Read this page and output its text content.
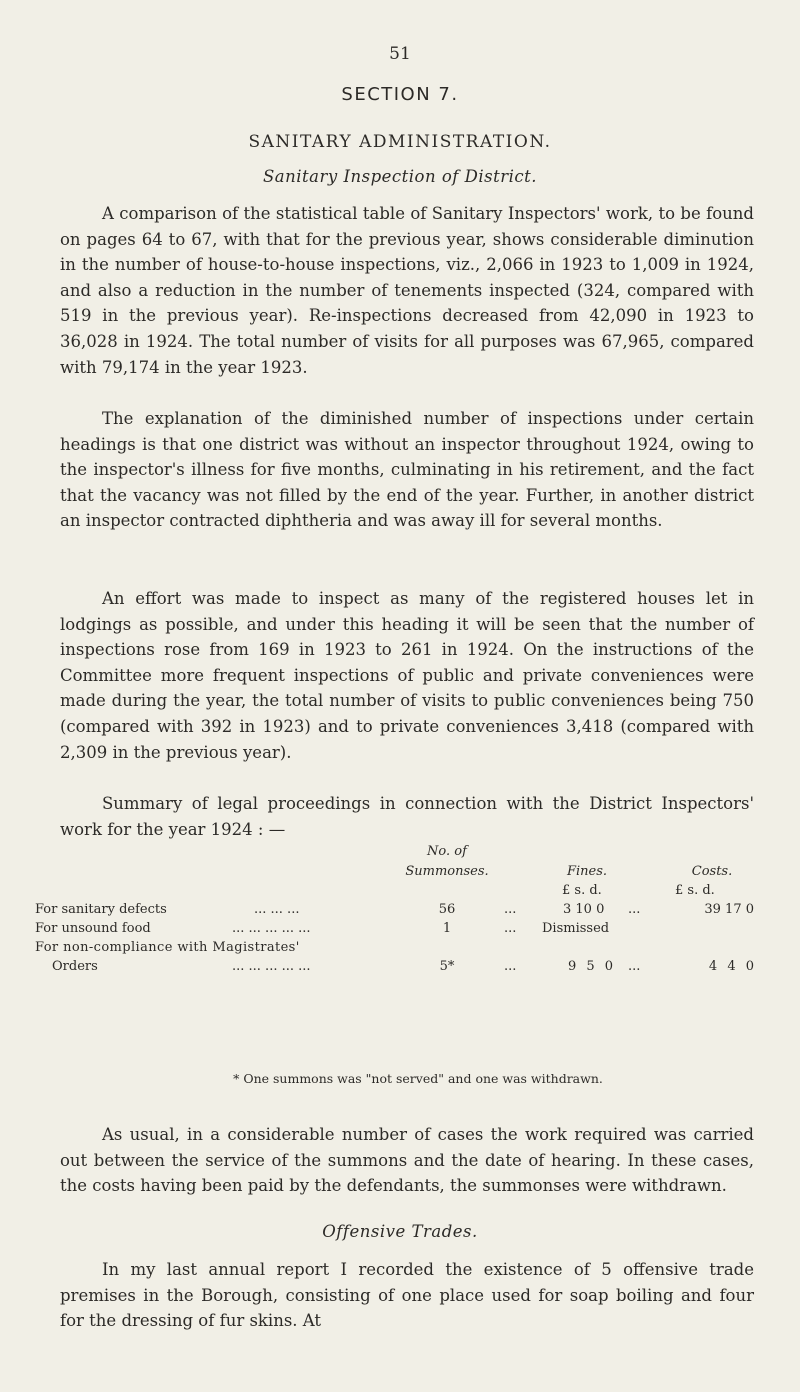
51
SECTION 7.
SANITARY ADMINISTRATION.
Sanitary Inspection of District.

A comparison of the statistical table of Sanitary Inspectors' work, to be found on pages 64 to 67, with that for the previous year, shows considerable diminution in the number of house-to-house inspections, viz., 2,066 in 1923 to 1,009 in 1924, and also a reduction in the number of tenements inspected (324, compared with 519 in the previous year). Re-inspections decreased from 42,090 in 1923 to 36,028 in 1924. The total number of visits for all purposes was 67,965, compared with 79,174 in the year 1923.

The explanation of the diminished number of inspections under certain headings is that one district was without an inspector throughout 1924, owing to the inspector's illness for five months, culminating in his retirement, and the fact that the vacancy was not filled by the end of the year. Further, in another district an inspector contracted diphtheria and was away ill for several months.

An effort was made to inspect as many of the registered houses let in lodgings as possible, and under this heading it will be seen that the number of inspections rose from 169 in 1923 to 261 in 1924. On the instructions of the Committee more frequent inspections of public and private conveniences were made during the year, the total number of visits to public conveniences being 750 (compared with 392 in 1923) and to private conveniences 3,418 (compared with 2,309 in the previous year).

Summary of legal proceedings in connection with the District Inspectors' work for the year 1924 : —

No. of
Summonses.	Fines.	Costs.
£ s. d.	£ s. d.
For sanitary defects	... ... ...	56	...	3 10 0 ...	39 17 0
For unsound food	... ... ... ... ...	1	... Dismissed
For non-compliance with Magistrates'
Orders	... ... ... ... ...	5*	...	9 5 0 ...	4 4 0
* One summons was "not served" and one was withdrawn.

As usual, in a considerable number of cases the work required was carried out between the service of the summons and the date of hearing. In these cases, the costs having been paid by the defendants, the summonses were withdrawn.

Offensive Trades.

In my last annual report I recorded the existence of 5 offensive trade premises in the Borough, consisting of one place used for soap boiling and four for the dressing of fur skins. At
